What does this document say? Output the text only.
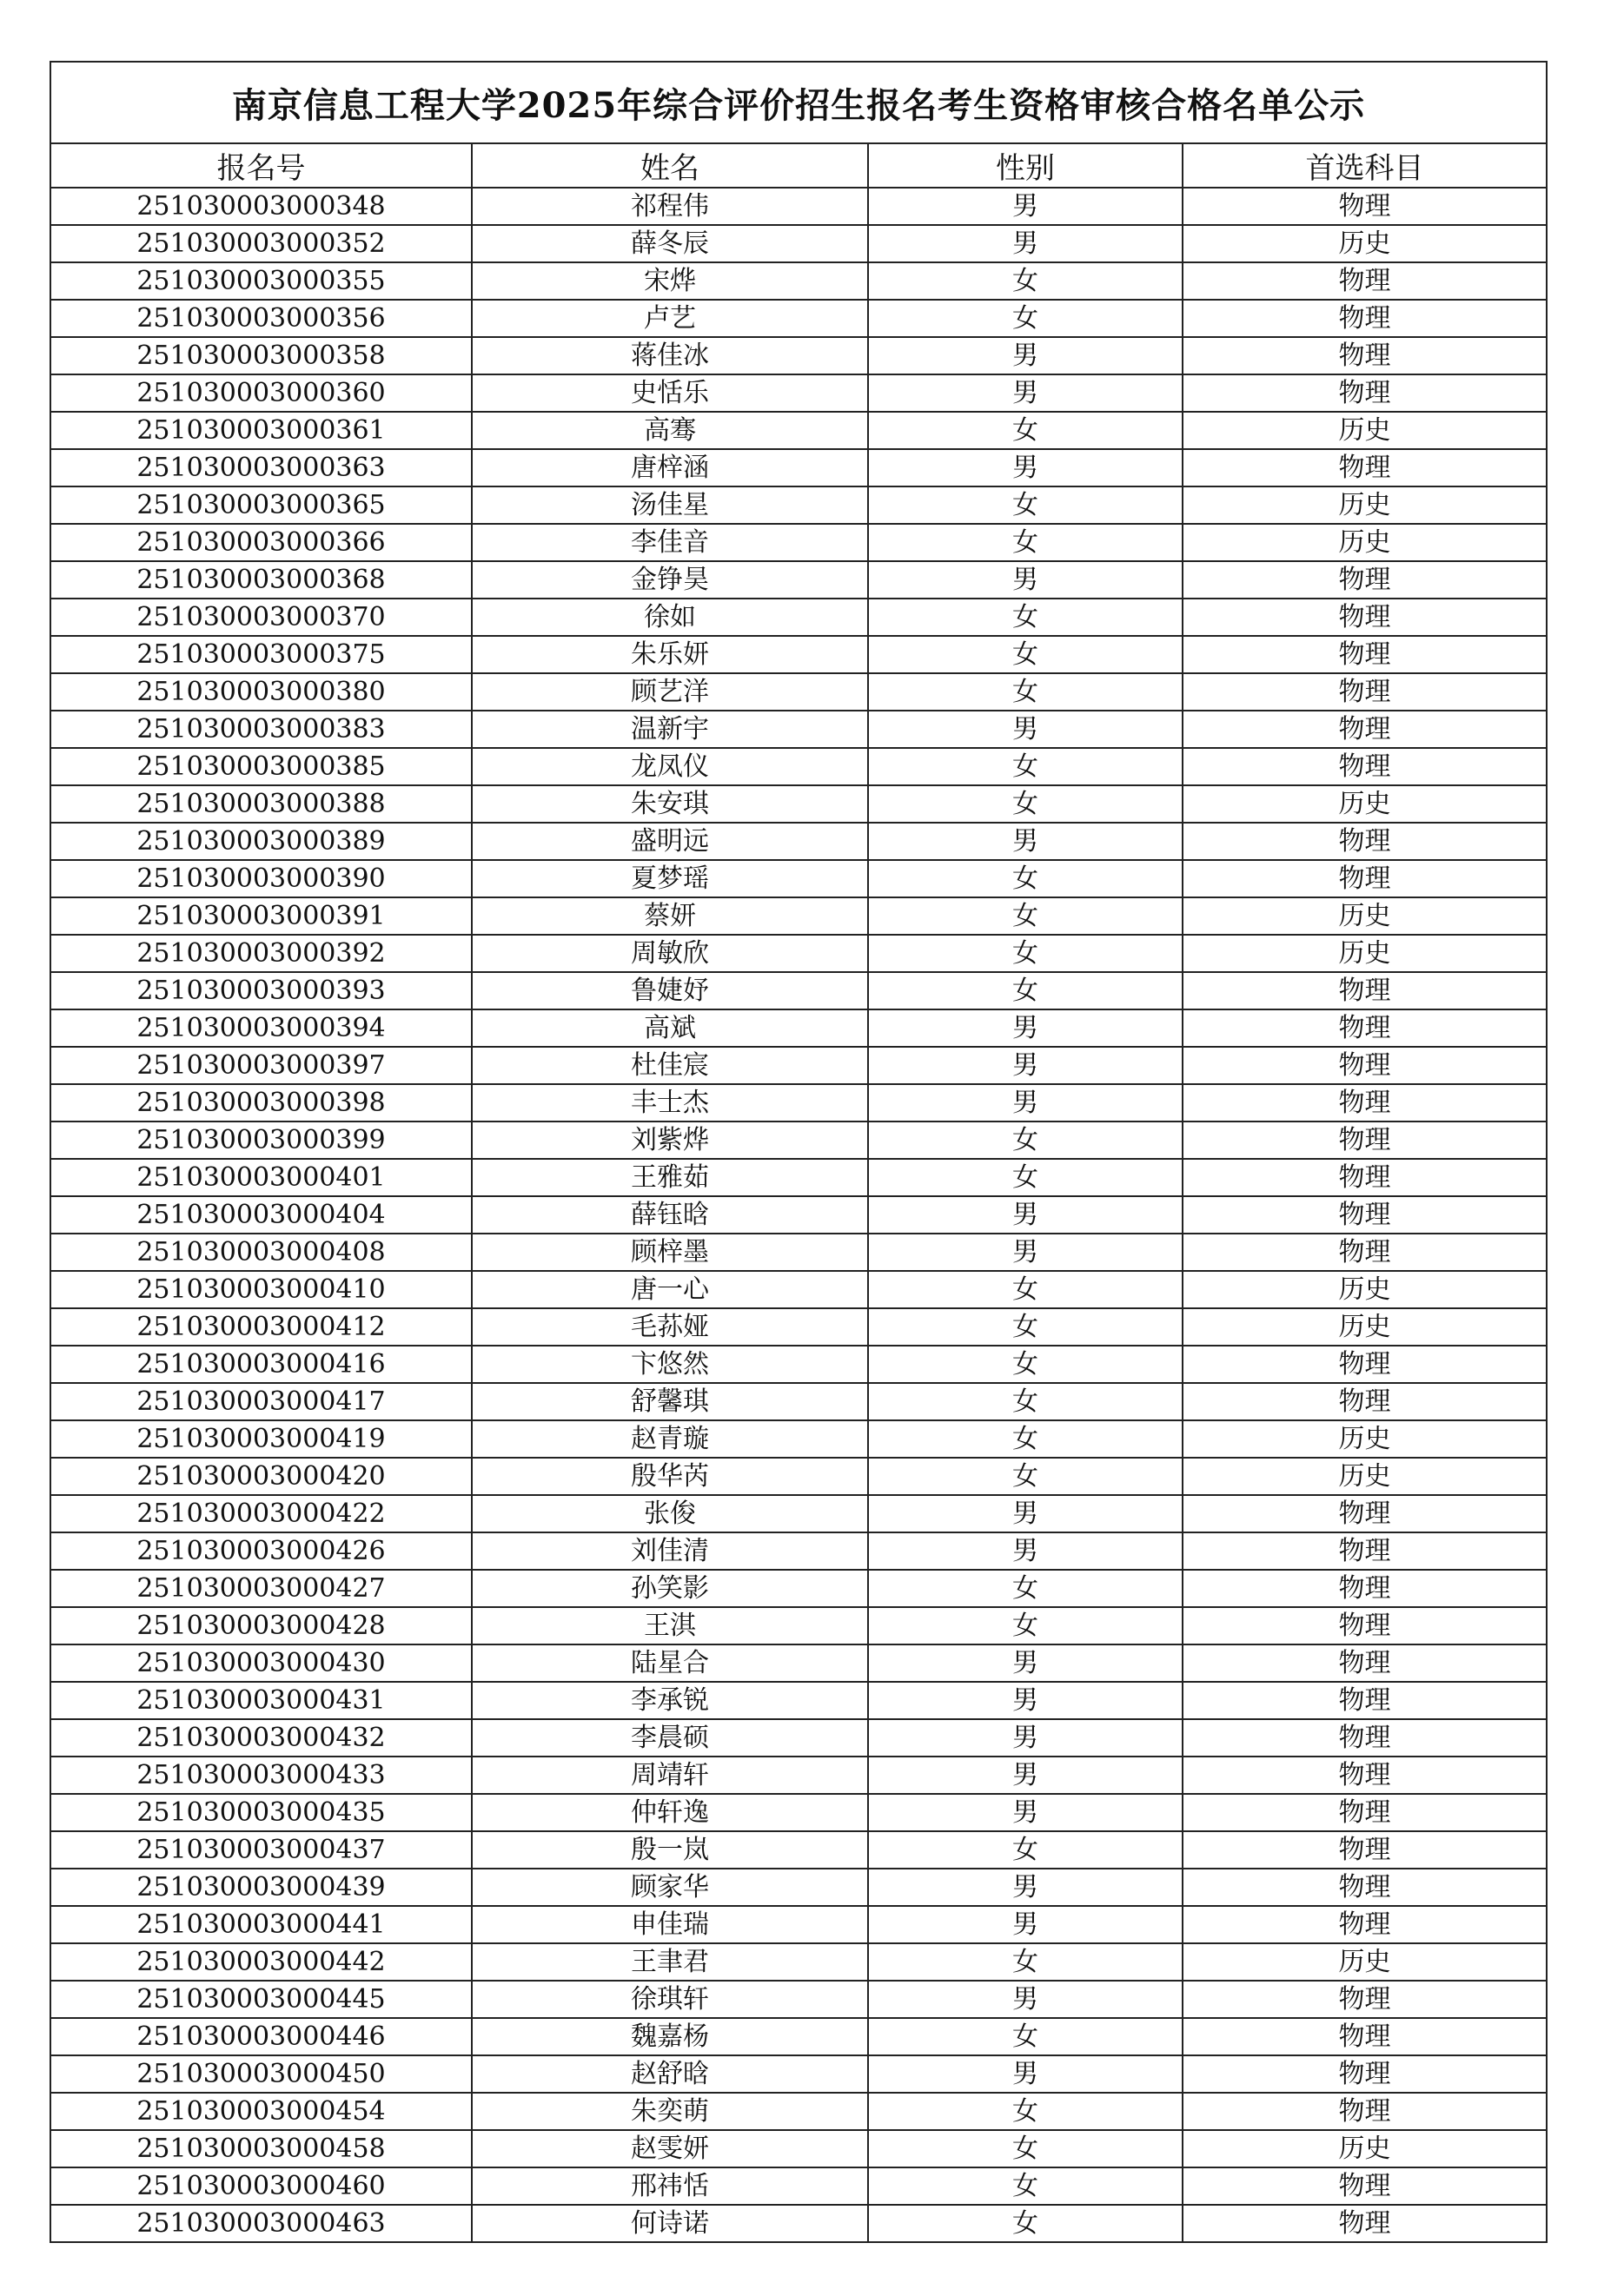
南京信息工程大学2025年综合评价招生报名考生资格审核合格名单公示			
报名号	姓名	性别	首选科目
251030003000348	祁程伟	男	物理
251030003000352	薛冬辰	男	历史
251030003000355	宋烨	女	物理
251030003000356	卢艺	女	物理
251030003000358	蒋佳冰	男	物理
251030003000360	史恬乐	男	物理
251030003000361	高骞	女	历史
251030003000363	唐梓涵	男	物理
251030003000365	汤佳星	女	历史
251030003000366	李佳音	女	历史
251030003000368	金铮昊	男	物理
251030003000370	徐如	女	物理
251030003000375	朱乐妍	女	物理
251030003000380	顾艺洋	女	物理
251030003000383	温新宇	男	物理
251030003000385	龙凤仪	女	物理
251030003000388	朱安琪	女	历史
251030003000389	盛明远	男	物理
251030003000390	夏梦瑶	女	物理
251030003000391	蔡妍	女	历史
251030003000392	周敏欣	女	历史
251030003000393	鲁婕妤	女	物理
251030003000394	高斌	男	物理
251030003000397	杜佳宸	男	物理
251030003000398	丰士杰	男	物理
251030003000399	刘紫烨	女	物理
251030003000401	王雅茹	女	物理
251030003000404	薛钰晗	男	物理
251030003000408	顾梓墨	男	物理
251030003000410	唐一心	女	历史
251030003000412	毛荪娅	女	历史
251030003000416	卞悠然	女	物理
251030003000417	舒馨琪	女	物理
251030003000419	赵青璇	女	历史
251030003000420	殷华芮	女	历史
251030003000422	张俊	男	物理
251030003000426	刘佳清	男	物理
251030003000427	孙笑影	女	物理
251030003000428	王淇	女	物理
251030003000430	陆星合	男	物理
251030003000431	李承锐	男	物理
251030003000432	李晨硕	男	物理
251030003000433	周靖轩	男	物理
251030003000435	仲轩逸	男	物理
251030003000437	殷一岚	女	物理
251030003000439	顾家华	男	物理
251030003000441	申佳瑞	男	物理
251030003000442	王聿君	女	历史
251030003000445	徐琪轩	男	物理
251030003000446	魏嘉杨	女	物理
251030003000450	赵舒晗	男	物理
251030003000454	朱奕萌	女	物理
251030003000458	赵雯妍	女	历史
251030003000460	邢祎恬	女	物理
251030003000463	何诗诺	女	物理
